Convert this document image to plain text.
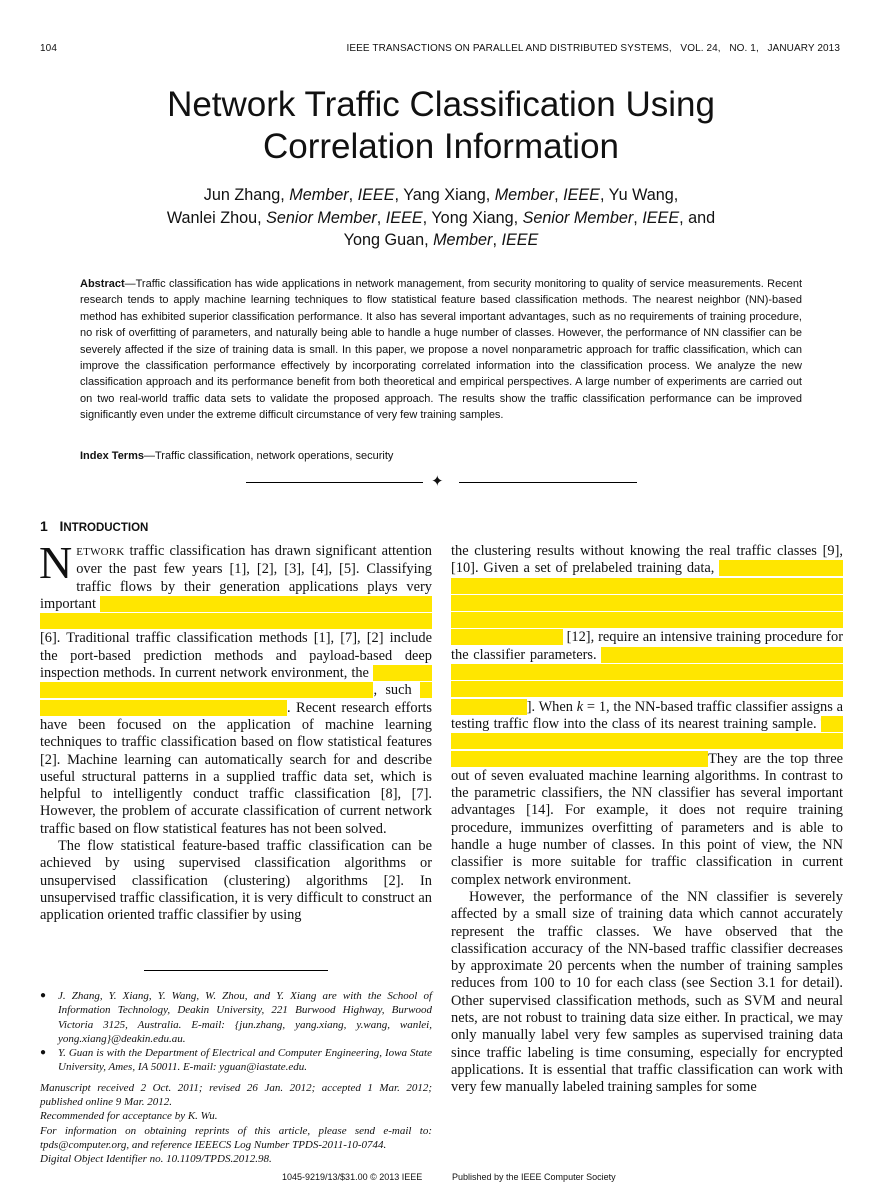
104	IEEE TRANSACTIONS ON PARALLEL AND DISTRIBUTED SYSTEMS,   VOL. 24,   NO. 1,   JANUARY 2013
Network Traffic Classification Using
Correlation Information
Jun Zhang, Member, IEEE, Yang Xiang, Member, IEEE, Yu Wang,
Wanlei Zhou, Senior Member, IEEE, Yong Xiang, Senior Member, IEEE, and
Yong Guan, Member, IEEE
Abstract—Traffic classification has wide applications in network management, from security monitoring to quality of service measurements. Recent research tends to apply machine learning techniques to flow statistical feature based classification methods. The nearest neighbor (NN)-based method has exhibited superior classification performance. It also has several important advantages, such as no requirements of training procedure, no risk of overfitting of parameters, and naturally being able to handle a huge number of classes. However, the performance of NN classifier can be severely affected if the size of training data is small. In this paper, we propose a novel nonparametric approach for traffic classification, which can improve the classification performance effectively by incorporating correlated information into the classification process. We analyze the new classification approach and its performance benefit from both theoretical and empirical perspectives. A large number of experiments are carried out on two real-world traffic data sets to validate the proposed approach. The results show the traffic classification performance can be improved significantly even under the extreme difficult circumstance of very few training samples.
Index Terms—Traffic classification, network operations, security
✦
1 INTRODUCTION

NETWORK traffic classification has drawn significant attention over the past few years [1], [2], [3], [4], [5]. Classifying traffic flows by their generation applications plays very important role in network security and management, such as quality of service (QoS) control, lawful interception and intrusion detection [6]. Traditional traffic classification methods [1], [7], [2] include the port-based prediction methods and payload-based deep inspection methods. In current network environment, the traditional methods suffer from a number of practical problems, such as dynamic ports and encrypted applications. Recent research efforts have been focused on the application of machine learning techniques to traffic classification based on flow statistical features [2]. Machine learning can automatically search for and describe useful structural patterns in a supplied traffic data set, which is helpful to intelligently conduct traffic classification [8], [7]. However, the problem of accurate classification of current network traffic based on flow statistical features has not been solved.

The flow statistical feature-based traffic classification can be achieved by using supervised classification algorithms or unsupervised classification (clustering) algorithms [2]. In unsupervised traffic classification, it is very difficult to construct an application oriented traffic classifier by using

● J. Zhang, Y. Xiang, Y. Wang, W. Zhou, and Y. Xiang are with the School of Information Technology, Deakin University, 221 Burwood Highway, Burwood Victoria 3125, Australia. E-mail: {jun.zhang, yang.xiang, y.wang, wanlei, yong.xiang}@deakin.edu.au.
● Y. Guan is with the Department of Electrical and Computer Engineering, Iowa State University, Ames, IA 50011. E-mail: yguan@iastate.edu.

Manuscript received 2 Oct. 2011; revised 26 Jan. 2012; accepted 1 Mar. 2012; published online 9 Mar. 2012.

Recommended for acceptance by K. Wu.

For information on obtaining reprints of this article, please send e-mail to: tpds@computer.org, and reference IEEECS Log Number TPDS-2011-10-0744.

Digital Object Identifier no. 10.1109/TPDS.2012.98.

the clustering results without knowing the real traffic classes [9], [10]. Given a set of prelabeled training data, the supervised traffic classification can be divided into two categories: parametric classifiers and nonparametric classifiers. Parametric classifiers, such as C4.5 decision tree [11], Bayesian network [11], SVM [12] and neural network [12], require an intensive training procedure for the classifier parameters. Nonparametric classifiers, e.g., k-Nearest Neighbor (k-NN) [13], usually require no training phase and make classification decision based on closest training samples in the feature space]. When k = 1, the NN-based traffic classifier assigns a testing traffic flow into the class of its nearest training sample. The experimental study in [12] shows that NN-based classifier can achieve high traffic classification accuracy.They are the top three out of seven evaluated machine learning algorithms. In contrast to the parametric classifiers, the NN classifier has several important advantages [14]. For example, it does not require training procedure, immunizes overfitting of parameters and is able to handle a huge number of classes. In this point of view, the NN classifier is more suitable for traffic classification in current complex network environment.

However, the performance of the NN classifier is severely affected by a small size of training data which cannot accurately represent the traffic classes. We have observed that the classification accuracy of the NN-based traffic classifier decreases by approximate 20 percents when the number of training samples reduces from 100 to 10 for each class (see Section 3.1 for detail). Other supervised classification methods, such as SVM and neural nets, are not robust to training data size either. In practical, we may only manually label very few samples as supervised training data since traffic labeling is time consuming, especially for encrypted applications. It is essential that traffic classification can work with very few manually labeled training samples for some

1045-9219/13/$31.00 © 2013 IEEE	Published by the IEEE Computer Society
